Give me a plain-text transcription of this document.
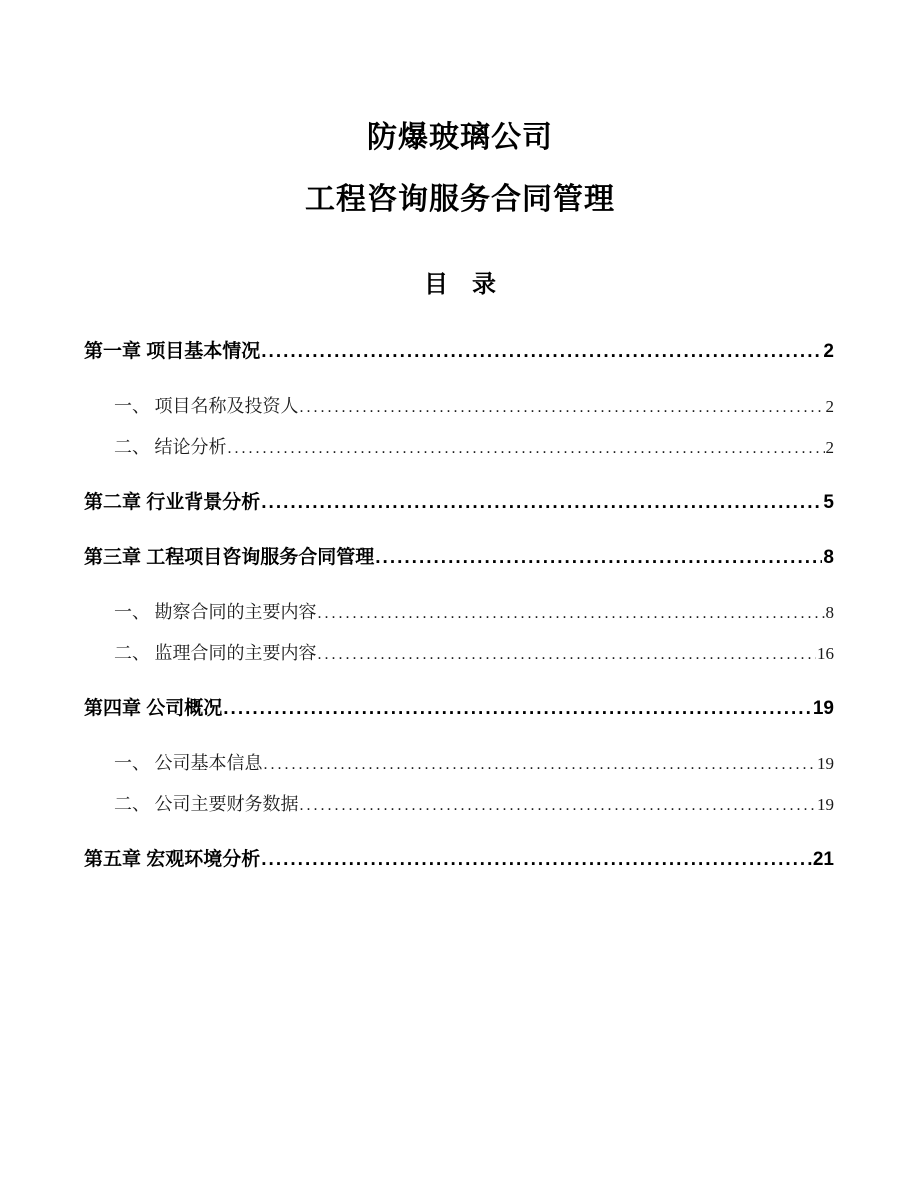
防爆玻璃公司
工程咨询服务合同管理
目　录
第一章 项目基本情况 .....	2
一、 项目名称及投资人 .....	2
二、 结论分析 .....	2
第二章 行业背景分析 .....	5
第三章 工程项目咨询服务合同管理 .....	8
一、 勘察合同的主要内容 .....	8
二、 监理合同的主要内容 .....	16
第四章 公司概况 .....	19
一、 公司基本信息 .....	19
二、 公司主要财务数据 .....	19
第五章 宏观环境分析 .....	21
